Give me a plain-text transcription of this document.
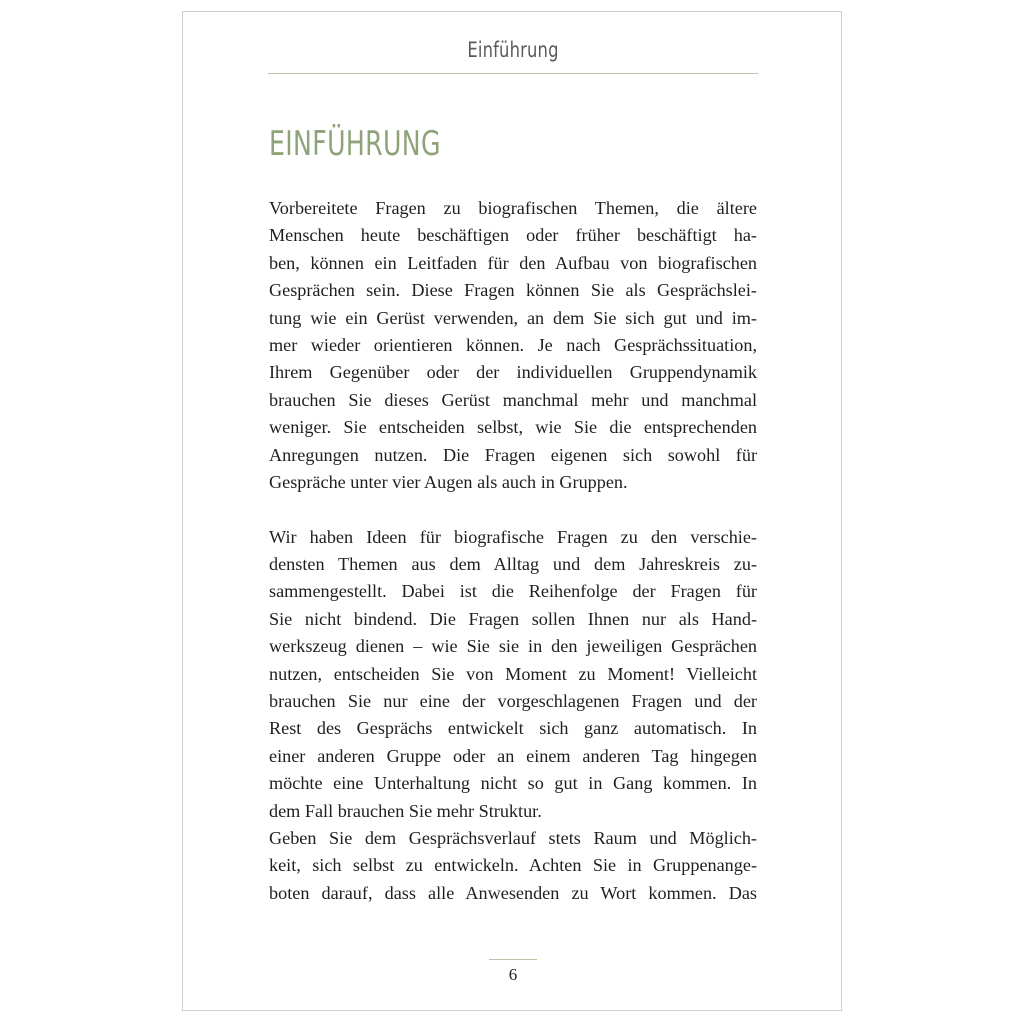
Einführung
EINFÜHRUNG
Vorbereitete Fragen zu biografischen Themen, die ältere
Menschen heute beschäftigen oder früher beschäftigt ha-
ben, können ein Leitfaden für den Aufbau von biografischen
Gesprächen sein. Diese Fragen können Sie als Gesprächslei-
tung wie ein Gerüst verwenden, an dem Sie sich gut und im-
mer wieder orientieren können. Je nach Gesprächssituation,
Ihrem Gegenüber oder der individuellen Gruppendynamik
brauchen Sie dieses Gerüst manchmal mehr und manchmal
weniger. Sie entscheiden selbst, wie Sie die entsprechenden
Anregungen nutzen. Die Fragen eigenen sich sowohl für
Gespräche unter vier Augen als auch in Gruppen.
Wir haben Ideen für biografische Fragen zu den verschie-
densten Themen aus dem Alltag und dem Jahreskreis zu-
sammengestellt. Dabei ist die Reihenfolge der Fragen für
Sie nicht bindend. Die Fragen sollen Ihnen nur als Hand-
werkszeug dienen – wie Sie sie in den jeweiligen Gesprächen
nutzen, entscheiden Sie von Moment zu Moment! Vielleicht
brauchen Sie nur eine der vorgeschlagenen Fragen und der
Rest des Gesprächs entwickelt sich ganz automatisch. In
einer anderen Gruppe oder an einem anderen Tag hingegen
möchte eine Unterhaltung nicht so gut in Gang kommen. In
dem Fall brauchen Sie mehr Struktur.
Geben Sie dem Gesprächsverlauf stets Raum und Möglich-
keit, sich selbst zu entwickeln. Achten Sie in Gruppenange-
boten darauf, dass alle Anwesenden zu Wort kommen. Das
6
